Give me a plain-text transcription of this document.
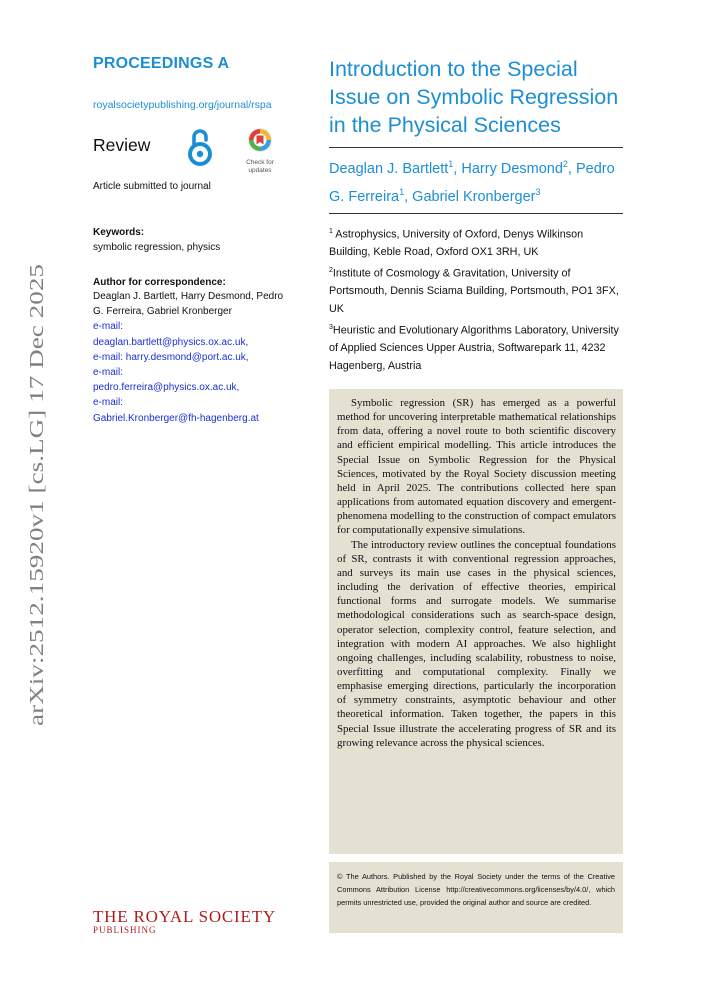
arXiv:2512.15920v1 [cs.LG] 17 Dec 2025
PROCEEDINGS A
royalsocietypublishing.org/journal/rspa
Review
Check for
updates
Article submitted to journal
Keywords:
symbolic regression, physics
Author for correspondence:
Deaglan J. Bartlett, Harry Desmond, Pedro G. Ferreira, Gabriel Kronberger
e-mail:
deaglan.bartlett@physics.ox.ac.uk,
e-mail: harry.desmond@port.ac.uk,
e-mail:
pedro.ferreira@physics.ox.ac.uk,
e-mail:
Gabriel.Kronberger@fh-hagenberg.at
THE ROYAL SOCIETY
PUBLISHING
Introduction to the Special Issue on Symbolic Regression in the Physical Sciences
Deaglan J. Bartlett$^1$, Harry Desmond$^2$, Pedro G. Ferreira$^1$, Gabriel Kronberger$^3$
$^1$ Astrophysics, University of Oxford, Denys Wilkinson Building, Keble Road, Oxford OX1 3RH, UK
$^2$Institute of Cosmology & Gravitation, University of Portsmouth, Dennis Sciama Building, Portsmouth, PO1 3FX, UK
$^3$Heuristic and Evolutionary Algorithms Laboratory, University of Applied Sciences Upper Austria, Softwarepark 11, 4232 Hagenberg, Austria

Symbolic regression (SR) has emerged as a powerful method for uncovering interpretable mathematical relationships from data, offering a novel route to both scientific discovery and efficient empirical modelling. This article introduces the Special Issue on Symbolic Regression for the Physical Sciences, motivated by the Royal Society discussion meeting held in April 2025. The contributions collected here span applications from automated equation discovery and emergent-phenomena modelling to the construction of compact emulators for computationally expensive simulations.

The introductory review outlines the conceptual foundations of SR, contrasts it with conventional regression approaches, and surveys its main use cases in the physical sciences, including the derivation of effective theories, empirical functional forms and surrogate models. We summarise methodological considerations such as search-space design, operator selection, complexity control, feature selection, and integration with modern AI approaches. We also highlight ongoing challenges, including scalability, robustness to noise, overfitting and computational complexity. Finally we emphasise emerging directions, particularly the incorporation of symmetry constraints, asymptotic behaviour and other theoretical information. Taken together, the papers in this Special Issue illustrate the accelerating progress of SR and its growing relevance across the physical sciences.

© The Authors. Published by the Royal Society under the terms of the Creative Commons Attribution License http://creativecommons.org/licenses/by/4.0/, which permits unrestricted use, provided the original author and source are credited.
